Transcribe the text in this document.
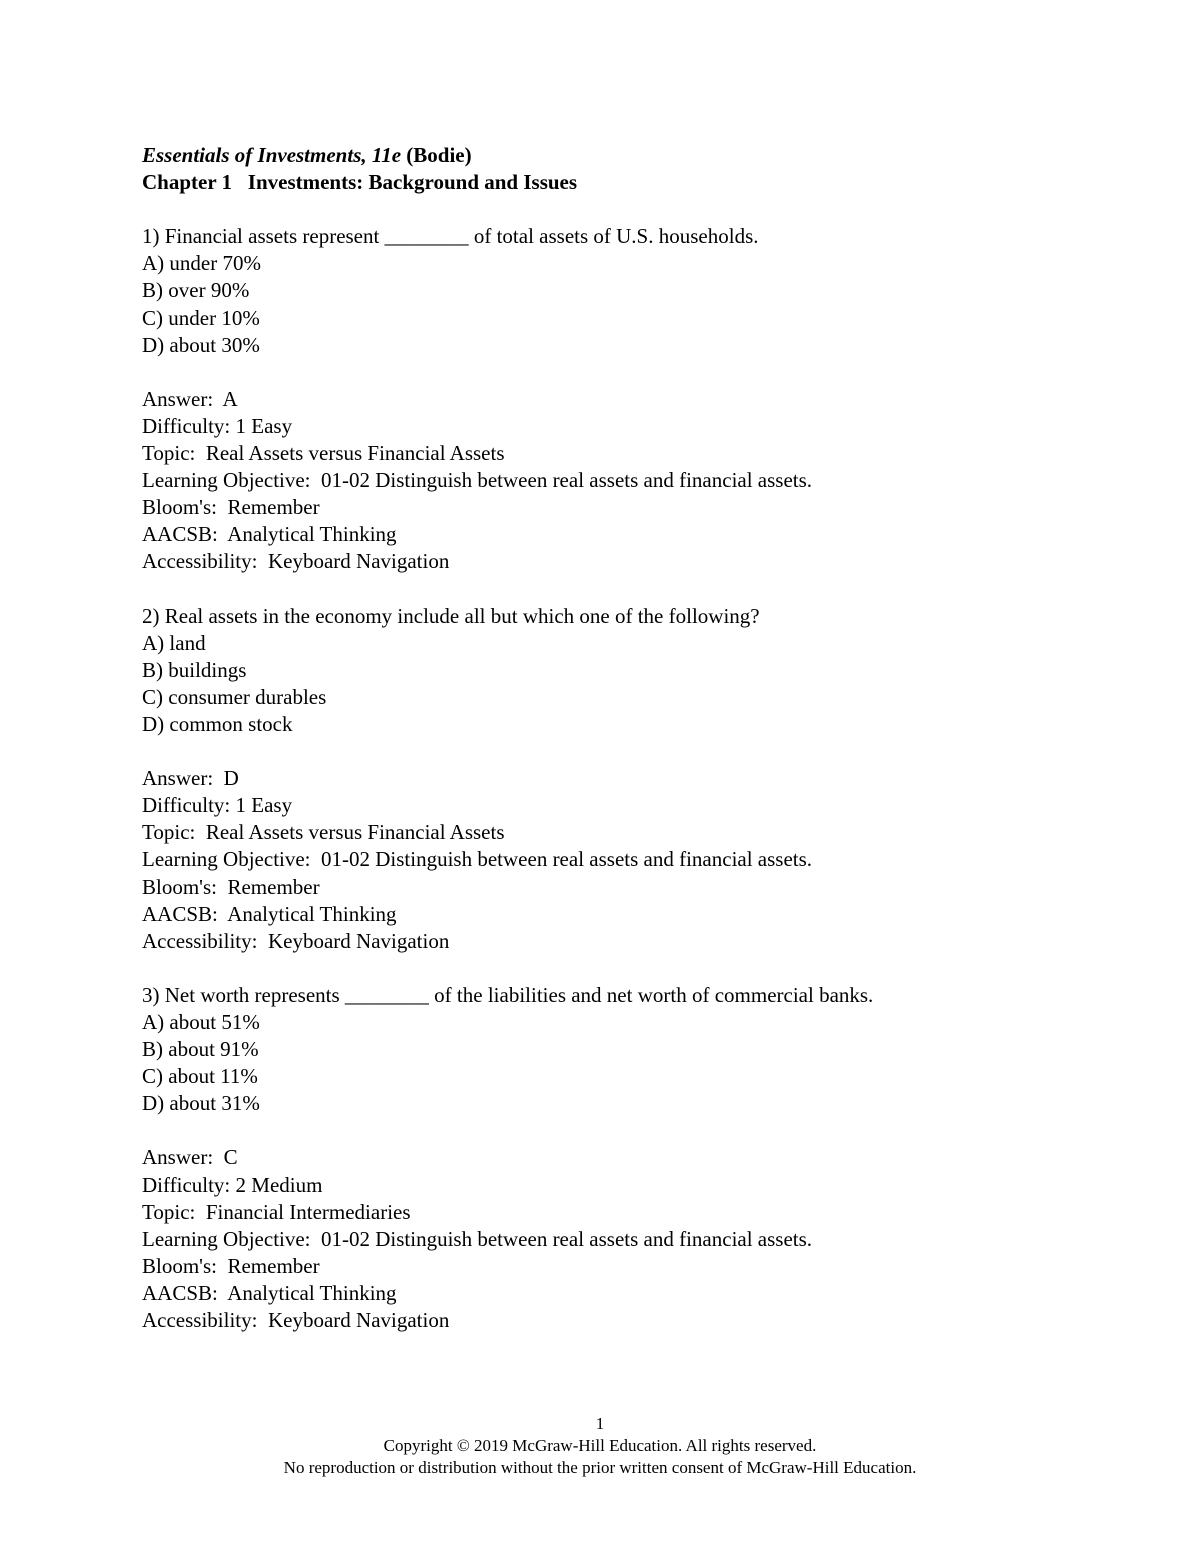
Essentials of Investments, 11e (Bodie)
Chapter 1   Investments: Background and Issues
1) Financial assets represent ________ of total assets of U.S. households.
A) under 70%
B) over 90%
C) under 10%
D) about 30%
Answer:  A
Difficulty: 1 Easy
Topic:  Real Assets versus Financial Assets
Learning Objective:  01-02 Distinguish between real assets and financial assets.
Bloom's:  Remember
AACSB:  Analytical Thinking
Accessibility:  Keyboard Navigation
2) Real assets in the economy include all but which one of the following?
A) land
B) buildings
C) consumer durables
D) common stock
Answer:  D
Difficulty: 1 Easy
Topic:  Real Assets versus Financial Assets
Learning Objective:  01-02 Distinguish between real assets and financial assets.
Bloom's:  Remember
AACSB:  Analytical Thinking
Accessibility:  Keyboard Navigation
3) Net worth represents ________ of the liabilities and net worth of commercial banks.
A) about 51%
B) about 91%
C) about 11%
D) about 31%
Answer:  C
Difficulty: 2 Medium
Topic:  Financial Intermediaries
Learning Objective:  01-02 Distinguish between real assets and financial assets.
Bloom's:  Remember
AACSB:  Analytical Thinking
Accessibility:  Keyboard Navigation
1
Copyright © 2019 McGraw-Hill Education. All rights reserved.
No reproduction or distribution without the prior written consent of McGraw-Hill Education.
